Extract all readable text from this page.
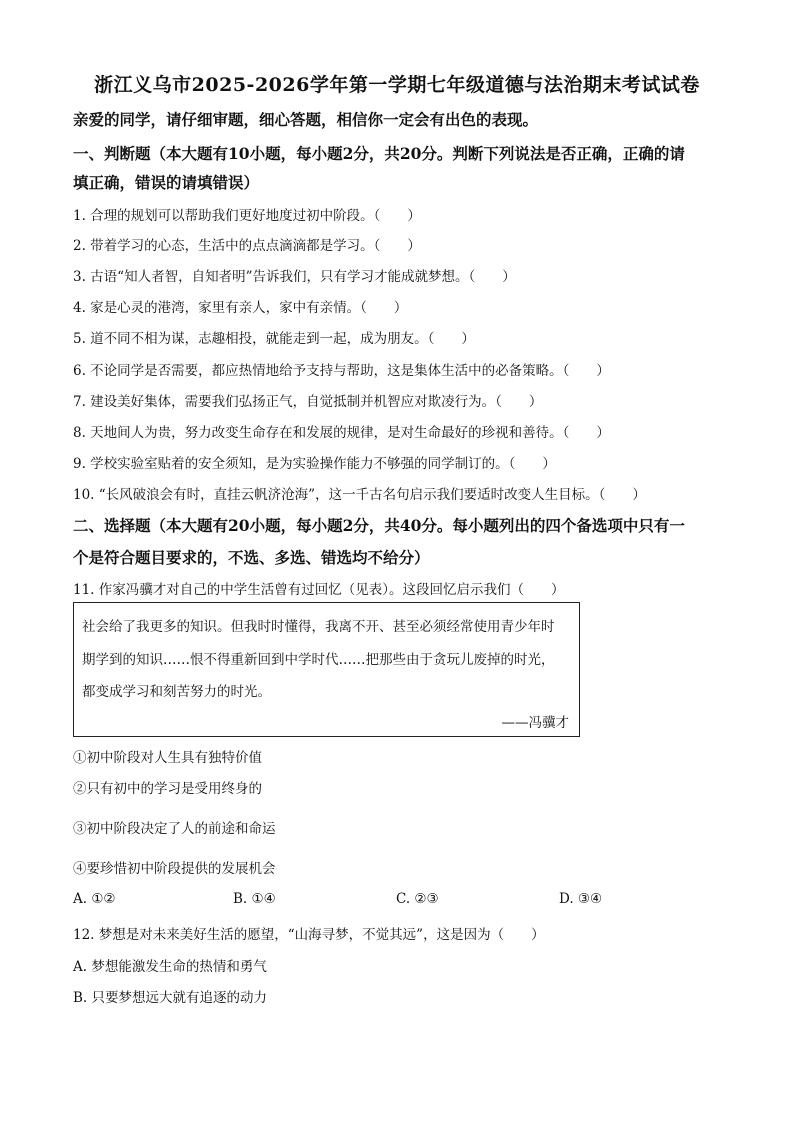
浙江义乌市2025-2026学年第一学期七年级道德与法治期末考试试卷
亲爱的同学，请仔细审题，细心答题，相信你一定会有出色的表现。
一、判断题（本大题有10小题，每小题2分，共20分。判断下列说法是否正确，正确的请
填正确，错误的请填错误）
1. 合理的规划可以帮助我们更好地度过初中阶段。（　　）
2. 带着学习的心态，生活中的点点滴滴都是学习。（　　）
3. 古语“知人者智，自知者明”告诉我们，只有学习才能成就梦想。（　　）
4. 家是心灵的港湾，家里有亲人，家中有亲情。（　　）
5. 道不同不相为谋，志趣相投，就能走到一起，成为朋友。（　　）
6. 不论同学是否需要，都应热情地给予支持与帮助，这是集体生活中的必备策略。（　　）
7. 建设美好集体，需要我们弘扬正气，自觉抵制并机智应对欺凌行为。（　　）
8. 天地间人为贵，努力改变生命存在和发展的规律，是对生命最好的珍视和善待。（　　）
9. 学校实验室贴着的安全须知，是为实验操作能力不够强的同学制订的。（　　）
10. “长风破浪会有时，直挂云帆济沧海”，这一千古名句启示我们要适时改变人生目标。（　　）
二、选择题（本大题有20小题，每小题2分，共40分。每小题列出的四个备选项中只有一
个是符合题目要求的，不选、多选、错选均不给分）
11. 作家冯骥才对自己的中学生活曾有过回忆（见表）。这段回忆启示我们（　　）
社会给了我更多的知识。但我时时懂得，我离不开、甚至必须经常使用青少年时
期学到的知识……恨不得重新回到中学时代……把那些由于贪玩儿废掉的时光，
都变成学习和刻苦努力的时光。
——冯骥才
①初中阶段对人生具有独特价值
②只有初中的学习是受用终身的
③初中阶段决定了人的前途和命运
④要珍惜初中阶段提供的发展机会
A. ①②	B. ①④	C. ②③	D. ③④
12. 梦想是对未来美好生活的愿望，“山海寻梦，不觉其远”，这是因为（　　）
A. 梦想能激发生命的热情和勇气
B. 只要梦想远大就有追逐的动力
